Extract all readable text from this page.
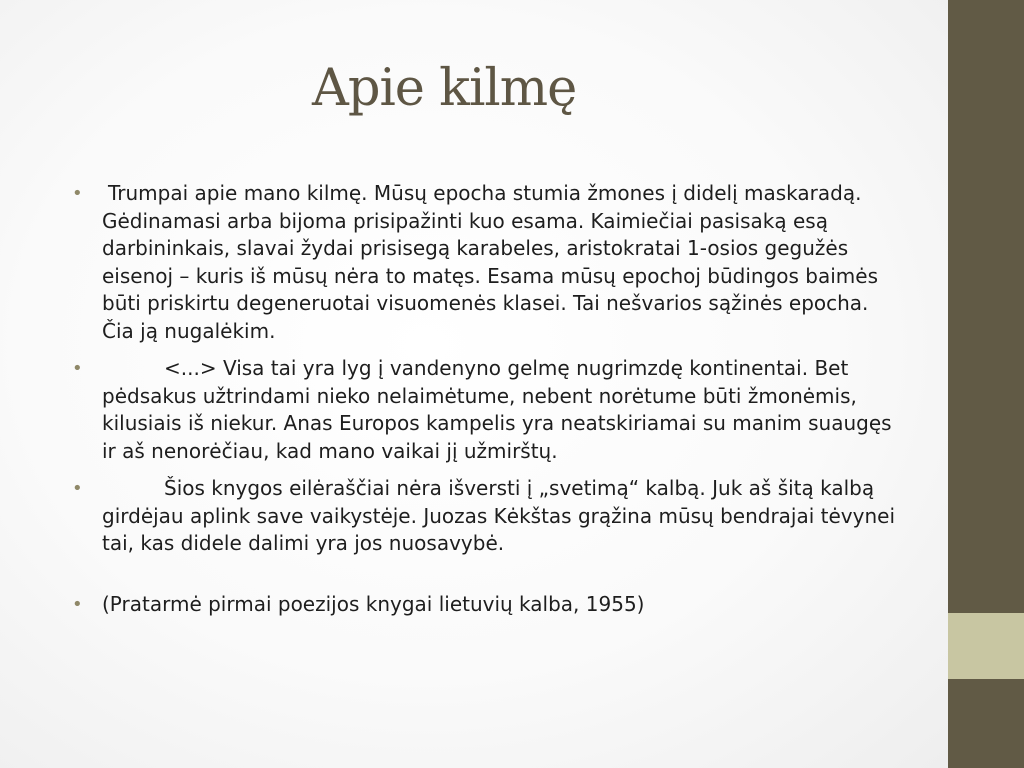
Apie kilmę
• Trumpai apie mano kilmę. Mūsų epocha stumia žmones į didelį maskaradą. Gėdinamasi arba bijoma prisipažinti kuo esama. Kaimiečiai pasisaką esą darbininkais, slavai žydai prisisegą karabeles, aristokratai 1-osios gegužės eisenoj – kuris iš mūsų nėra to matęs. Esama mūsų epochoj būdingos baimės būti priskirtu degeneruotai visuomenės klasei. Tai nešvarios sąžinės epocha. Čia ją nugalėkim.
•	<...> Visa tai yra lyg į vandenyno gelmę nugrimzdę kontinentai. Bet pėdsakus užtrindami nieko nelaimėtume, nebent norėtume būti žmonėmis, kilusiais iš niekur. Anas Europos kampelis yra neatskiriamai su manim suaugęs ir aš nenorėčiau, kad mano vaikai jį užmirštų.
•	Šios knygos eilėraščiai nėra išversti į „svetimą“ kalbą. Juk aš šitą kalbą girdėjau aplink save vaikystėje. Juozas Kėkštas grąžina mūsų bendrajai tėvynei tai, kas didele dalimi yra jos nuosavybė.
• (Pratarmė pirmai poezijos knygai lietuvių kalba, 1955)
